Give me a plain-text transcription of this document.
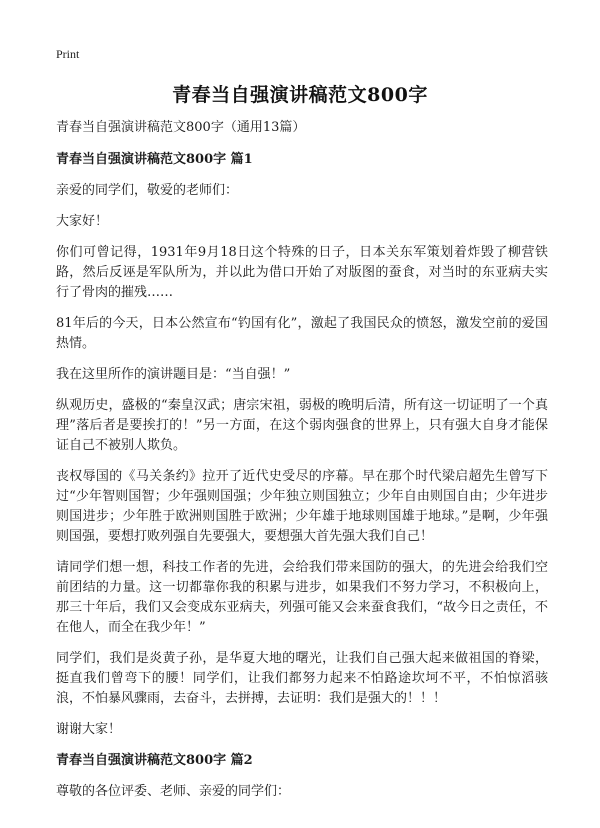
Print
青春当自强演讲稿范文800字

青春当自强演讲稿范文800字（通用13篇）

青春当自强演讲稿范文800字 篇1

亲爱的同学们，敬爱的老师们：

大家好！

你们可曾记得，1931年9月18日这个特殊的日子，日本关东军策划着炸毁了柳营铁路，然后反诬是军队所为，并以此为借口开始了对版图的蚕食，对当时的东亚病夫实行了骨肉的摧残……

81年后的今天，日本公然宣布“钓国有化”，激起了我国民众的愤怒，激发空前的爱国热情。

我在这里所作的演讲题目是：“当自强！”

纵观历史，盛极的“秦皇汉武；唐宗宋祖，弱极的晚明后清，所有这一切证明了一个真理”落后者是要挨打的！”另一方面，在这个弱肉强食的世界上，只有强大自身才能保证自己不被别人欺负。

丧权辱国的《马关条约》拉开了近代史受尽的序幕。早在那个时代梁启超先生曾写下过“少年智则国智；少年强则国强；少年独立则国独立；少年自由则国自由；少年进步则国进步；少年胜于欧洲则国胜于欧洲；少年雄于地球则国雄于地球。”是啊，少年强则国强，要想打败列强自先要强大，要想强大首先强大我们自己！

请同学们想一想，科技工作者的先进，会给我们带来国防的强大，的先进会给我们空前团结的力量。这一切都靠你我的积累与进步，如果我们不努力学习，不积极向上，那三十年后，我们又会变成东亚病夫，列强可能又会来蚕食我们，“故今日之责任，不在他人，而全在我少年！”

同学们，我们是炎黄子孙，是华夏大地的曙光，让我们自己强大起来做祖国的脊梁，挺直我们曾弯下的腰！同学们，让我们都努力起来不怕路途坎坷不平，不怕惊滔骇浪，不怕暴风骤雨，去奋斗，去拼搏，去证明：我们是强大的！！！

谢谢大家！

青春当自强演讲稿范文800字 篇2

尊敬的各位评委、老师、亲爱的同学们：
